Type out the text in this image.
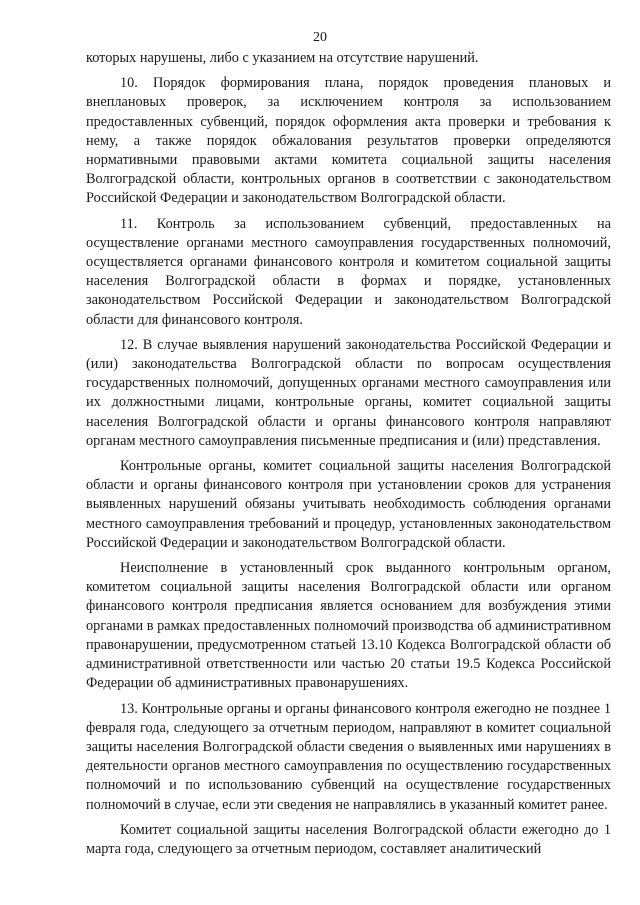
20

которых нарушены, либо с указанием на отсутствие нарушений.

10. Порядок формирования плана, порядок проведения плановых и внеплановых проверок, за исключением контроля за использованием предоставленных субвенций, порядок оформления акта проверки и требования к нему, а также порядок обжалования результатов проверки определяются нормативными правовыми актами комитета социальной защиты населения Волгоградской области, контрольных органов в соответствии с законодательством Российской Федерации и законодательством Волгоградской области.

11. Контроль за использованием субвенций, предоставленных на осуществление органами местного самоуправления государственных полномочий, осуществляется органами финансового контроля и комитетом социальной защиты населения Волгоградской области в формах и порядке, установленных законодательством Российской Федерации и законодательством Волгоградской области для финансового контроля.

12. В случае выявления нарушений законодательства Российской Федерации и (или) законодательства Волгоградской области по вопросам осуществления государственных полномочий, допущенных органами местного самоуправления или их должностными лицами, контрольные органы, комитет социальной защиты населения Волгоградской области и органы финансового контроля направляют органам местного самоуправления письменные предписания и (или) представления.

Контрольные органы, комитет социальной защиты населения Волгоградской области и органы финансового контроля при установлении сроков для устранения выявленных нарушений обязаны учитывать необходимость соблюдения органами местного самоуправления требований и процедур, установленных законодательством Российской Федерации и законодательством Волгоградской области.

Неисполнение в установленный срок выданного контрольным органом, комитетом социальной защиты населения Волгоградской области или органом финансового контроля предписания является основанием для возбуждения этими органами в рамках предоставленных полномочий производства об административном правонарушении, предусмотренном статьей 13.10 Кодекса Волгоградской области об административной ответственности или частью 20 статьи 19.5 Кодекса Российской Федерации об административных правонарушениях.

13. Контрольные органы и органы финансового контроля ежегодно не позднее 1 февраля года, следующего за отчетным периодом, направляют в комитет социальной защиты населения Волгоградской области сведения о выявленных ими нарушениях в деятельности органов местного самоуправления по осуществлению государственных полномочий и по использованию субвенций на осуществление государственных полномочий в случае, если эти сведения не направлялись в указанный комитет ранее.

Комитет социальной защиты населения Волгоградской области ежегодно до 1 марта года, следующего за отчетным периодом, составляет аналитический
